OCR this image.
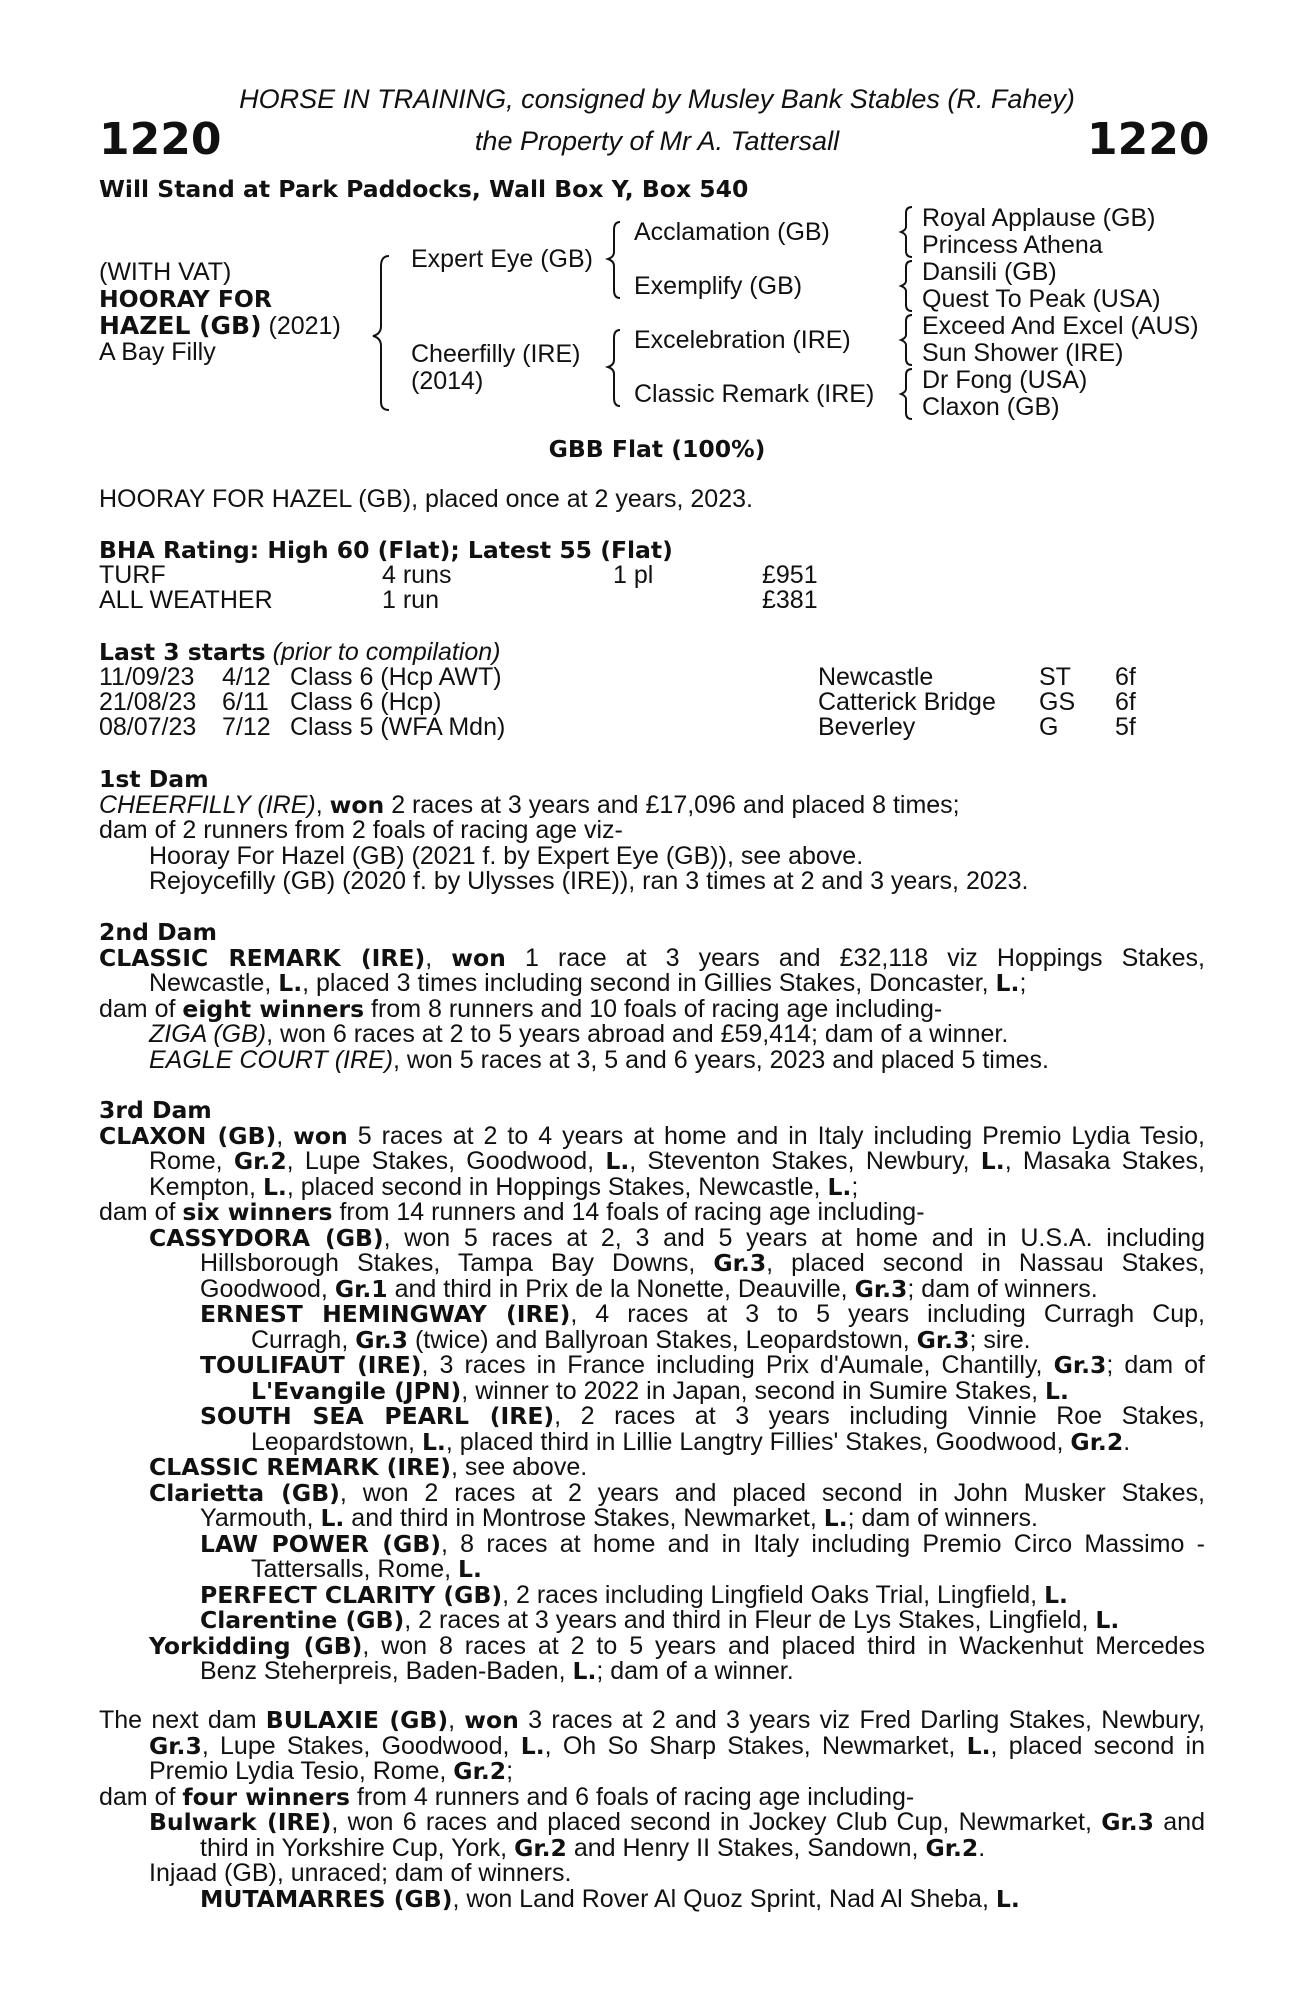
HORSE IN TRAINING, consigned by Musley Bank Stables (R. Fahey)
the Property of Mr A. Tattersall
1220	1220
Will Stand at Park Paddocks, Wall Box Y, Box 540
(WITH VAT)
HOORAY FOR
HAZEL (GB) (2021)
A Bay Filly
Expert Eye (GB)
Cheerfilly (IRE)
(2014)
Acclamation (GB)
Exemplify (GB)
Excelebration (IRE)
Classic Remark (IRE)
Royal Applause (GB)
Princess Athena
Dansili (GB)
Quest To Peak (USA)
Exceed And Excel (AUS)
Sun Shower (IRE)
Dr Fong (USA)
Claxon (GB)
GBB Flat (100%)
HOORAY FOR HAZEL (GB), placed once at 2 years, 2023.
BHA Rating: High 60 (Flat); Latest 55 (Flat)
TURF	4 runs	1 pl	£951
ALL WEATHER	1 run	£381
Last 3 starts (prior to compilation)
11/09/23 4/12 Class 6 (Hcp AWT)	Newcastle	ST 6f
21/08/23 6/11 Class 6 (Hcp)	Catterick Bridge GS 6f
08/07/23 7/12 Class 5 (WFA Mdn)	Beverley	G 5f
1st Dam
CHEERFILLY (IRE), won 2 races at 3 years and £17,096 and placed 8 times;
dam of 2 runners from 2 foals of racing age viz-
Hooray For Hazel (GB) (2021 f. by Expert Eye (GB)), see above.
Rejoycefilly (GB) (2020 f. by Ulysses (IRE)), ran 3 times at 2 and 3 years, 2023.
2nd Dam
CLASSIC REMARK (IRE), won 1 race at 3 years and £32,118 viz Hoppings Stakes,
Newcastle, L., placed 3 times including second in Gillies Stakes, Doncaster, L.;
dam of eight winners from 8 runners and 10 foals of racing age including-
ZIGA (GB), won 6 races at 2 to 5 years abroad and £59,414; dam of a winner.
EAGLE COURT (IRE), won 5 races at 3, 5 and 6 years, 2023 and placed 5 times.
3rd Dam
CLAXON (GB), won 5 races at 2 to 4 years at home and in Italy including Premio Lydia Tesio,
Rome, Gr.2, Lupe Stakes, Goodwood, L., Steventon Stakes, Newbury, L., Masaka Stakes,
Kempton, L., placed second in Hoppings Stakes, Newcastle, L.;
dam of six winners from 14 runners and 14 foals of racing age including-
CASSYDORA (GB), won 5 races at 2, 3 and 5 years at home and in U.S.A. including
Hillsborough Stakes, Tampa Bay Downs, Gr.3, placed second in Nassau Stakes,
Goodwood, Gr.1 and third in Prix de la Nonette, Deauville, Gr.3; dam of winners.
ERNEST HEMINGWAY (IRE), 4 races at 3 to 5 years including Curragh Cup,
Curragh, Gr.3 (twice) and Ballyroan Stakes, Leopardstown, Gr.3; sire.
TOULIFAUT (IRE), 3 races in France including Prix d'Aumale, Chantilly, Gr.3; dam of
L'Evangile (JPN), winner to 2022 in Japan, second in Sumire Stakes, L.
SOUTH SEA PEARL (IRE), 2 races at 3 years including Vinnie Roe Stakes,
Leopardstown, L., placed third in Lillie Langtry Fillies' Stakes, Goodwood, Gr.2.
CLASSIC REMARK (IRE), see above.
Clarietta (GB), won 2 races at 2 years and placed second in John Musker Stakes,
Yarmouth, L. and third in Montrose Stakes, Newmarket, L.; dam of winners.
LAW POWER (GB), 8 races at home and in Italy including Premio Circo Massimo -
Tattersalls, Rome, L.
PERFECT CLARITY (GB), 2 races including Lingfield Oaks Trial, Lingfield, L.
Clarentine (GB), 2 races at 3 years and third in Fleur de Lys Stakes, Lingfield, L.
Yorkidding (GB), won 8 races at 2 to 5 years and placed third in Wackenhut Mercedes
Benz Steherpreis, Baden-Baden, L.; dam of a winner.
The next dam BULAXIE (GB), won 3 races at 2 and 3 years viz Fred Darling Stakes, Newbury,
Gr.3, Lupe Stakes, Goodwood, L., Oh So Sharp Stakes, Newmarket, L., placed second in
Premio Lydia Tesio, Rome, Gr.2;
dam of four winners from 4 runners and 6 foals of racing age including-
Bulwark (IRE), won 6 races and placed second in Jockey Club Cup, Newmarket, Gr.3 and
third in Yorkshire Cup, York, Gr.2 and Henry II Stakes, Sandown, Gr.2.
Injaad (GB), unraced; dam of winners.
MUTAMARRES (GB), won Land Rover Al Quoz Sprint, Nad Al Sheba, L.
